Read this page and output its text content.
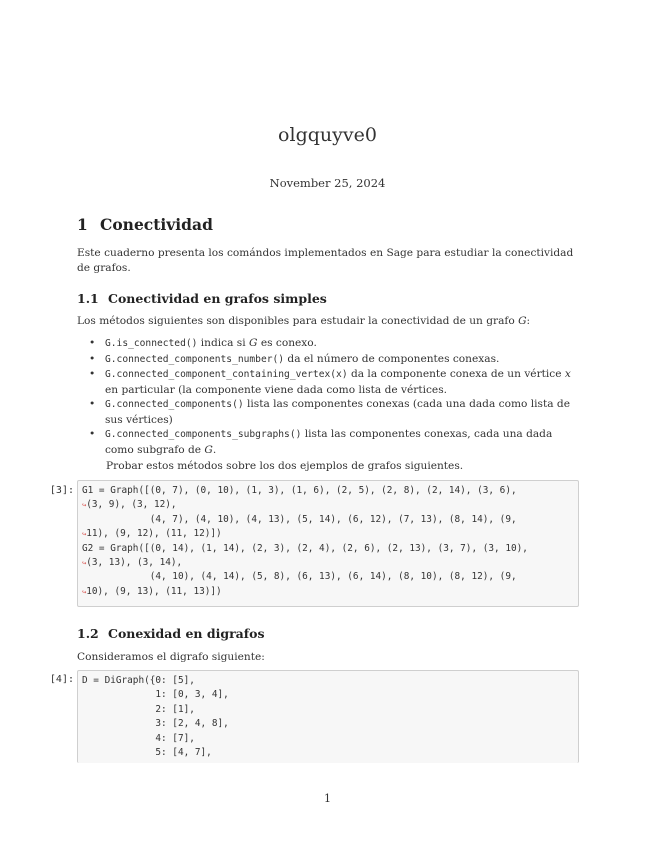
olgquyve0
November 25, 2024
1 Conectividad
Este cuaderno presenta los comándos implementados en Sage para estudiar la conectividad de grafos.
1.1 Conectividad en grafos simples
Los métodos siguientes son disponibles para estudair la conectividad de un grafo G:
• G.is_connected() indica si G es conexo.
• G.connected_components_number() da el número de componentes conexas.
• G.connected_component_containing_vertex(x) da la componente conexa de un vértice x en particular (la componente viene dada como lista de vértices.
• G.connected_components() lista las componentes conexas (cada una dada como lista de sus vértices)
• G.connected_components_subgraphs() lista las componentes conexas, cada una dada como subgrafo de G.
Probar estos métodos sobre los dos ejemplos de grafos siguientes.
[3]: G1 = Graph([(0, 7), (0, 10), (1, 3), (1, 6), (2, 5), (2, 8), (2, 14), (3, 6),
↪(3, 9), (3, 12),
(4, 7), (4, 10), (4, 13), (5, 14), (6, 12), (7, 13), (8, 14), (9,
↪11), (9, 12), (11, 12)])
G2 = Graph([(0, 14), (1, 14), (2, 3), (2, 4), (2, 6), (2, 13), (3, 7), (3, 10),
↪(3, 13), (3, 14),
(4, 10), (4, 14), (5, 8), (6, 13), (6, 14), (8, 10), (8, 12), (9,
↪10), (9, 13), (11, 13)])
1.2 Conexidad en digrafos
Consideramos el digrafo siguiente:
[4]: D = DiGraph({0: [5],
1: [0, 3, 4],
2: [1],
3: [2, 4, 8],
4: [7],
5: [4, 7],
1
